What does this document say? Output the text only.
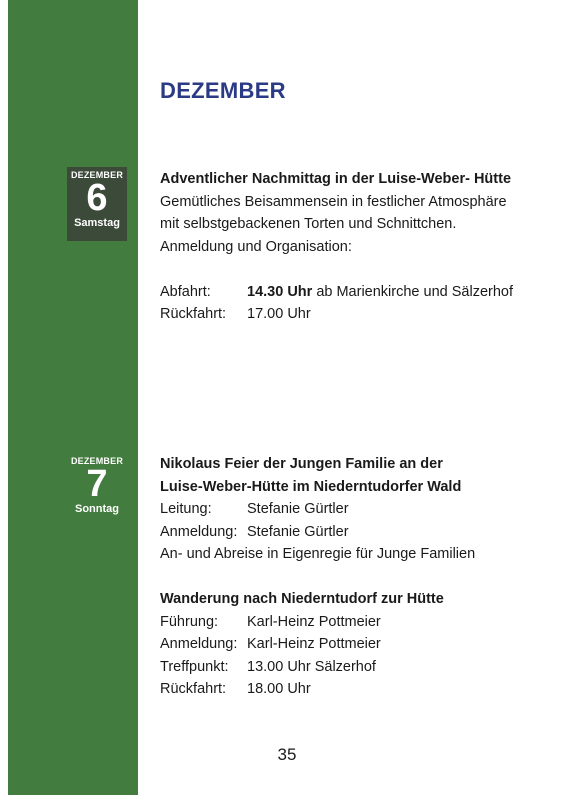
DEZEMBER
DEZEMBER
6
Samstag

Adventlicher Nachmittag in der Luise-Weber- Hütte

Gemütliches Beisammensein in festlicher Atmosphäre

mit selbstgebackenen Torten und Schnittchen.

Anmeldung und Organisation:

Abfahrt:	14.30 Uhr ab Marienkirche und Sälzerhof
Rückfahrt:	17.00 Uhr
DEZEMBER
7
Sonntag

Nikolaus Feier der Jungen Familie an der

Luise-Weber-Hütte im Niederntudorfer Wald

Leitung:	Stefanie Gürtler
Anmeldung: Stefanie Gürtler

An- und Abreise in Eigenregie für Junge Familien

Wanderung nach Niederntudorf zur Hütte

Führung:	Karl-Heinz Pottmeier
Anmeldung: Karl-Heinz Pottmeier
Treffpunkt:	13.00 Uhr Sälzerhof
Rückfahrt:	18.00 Uhr
35
